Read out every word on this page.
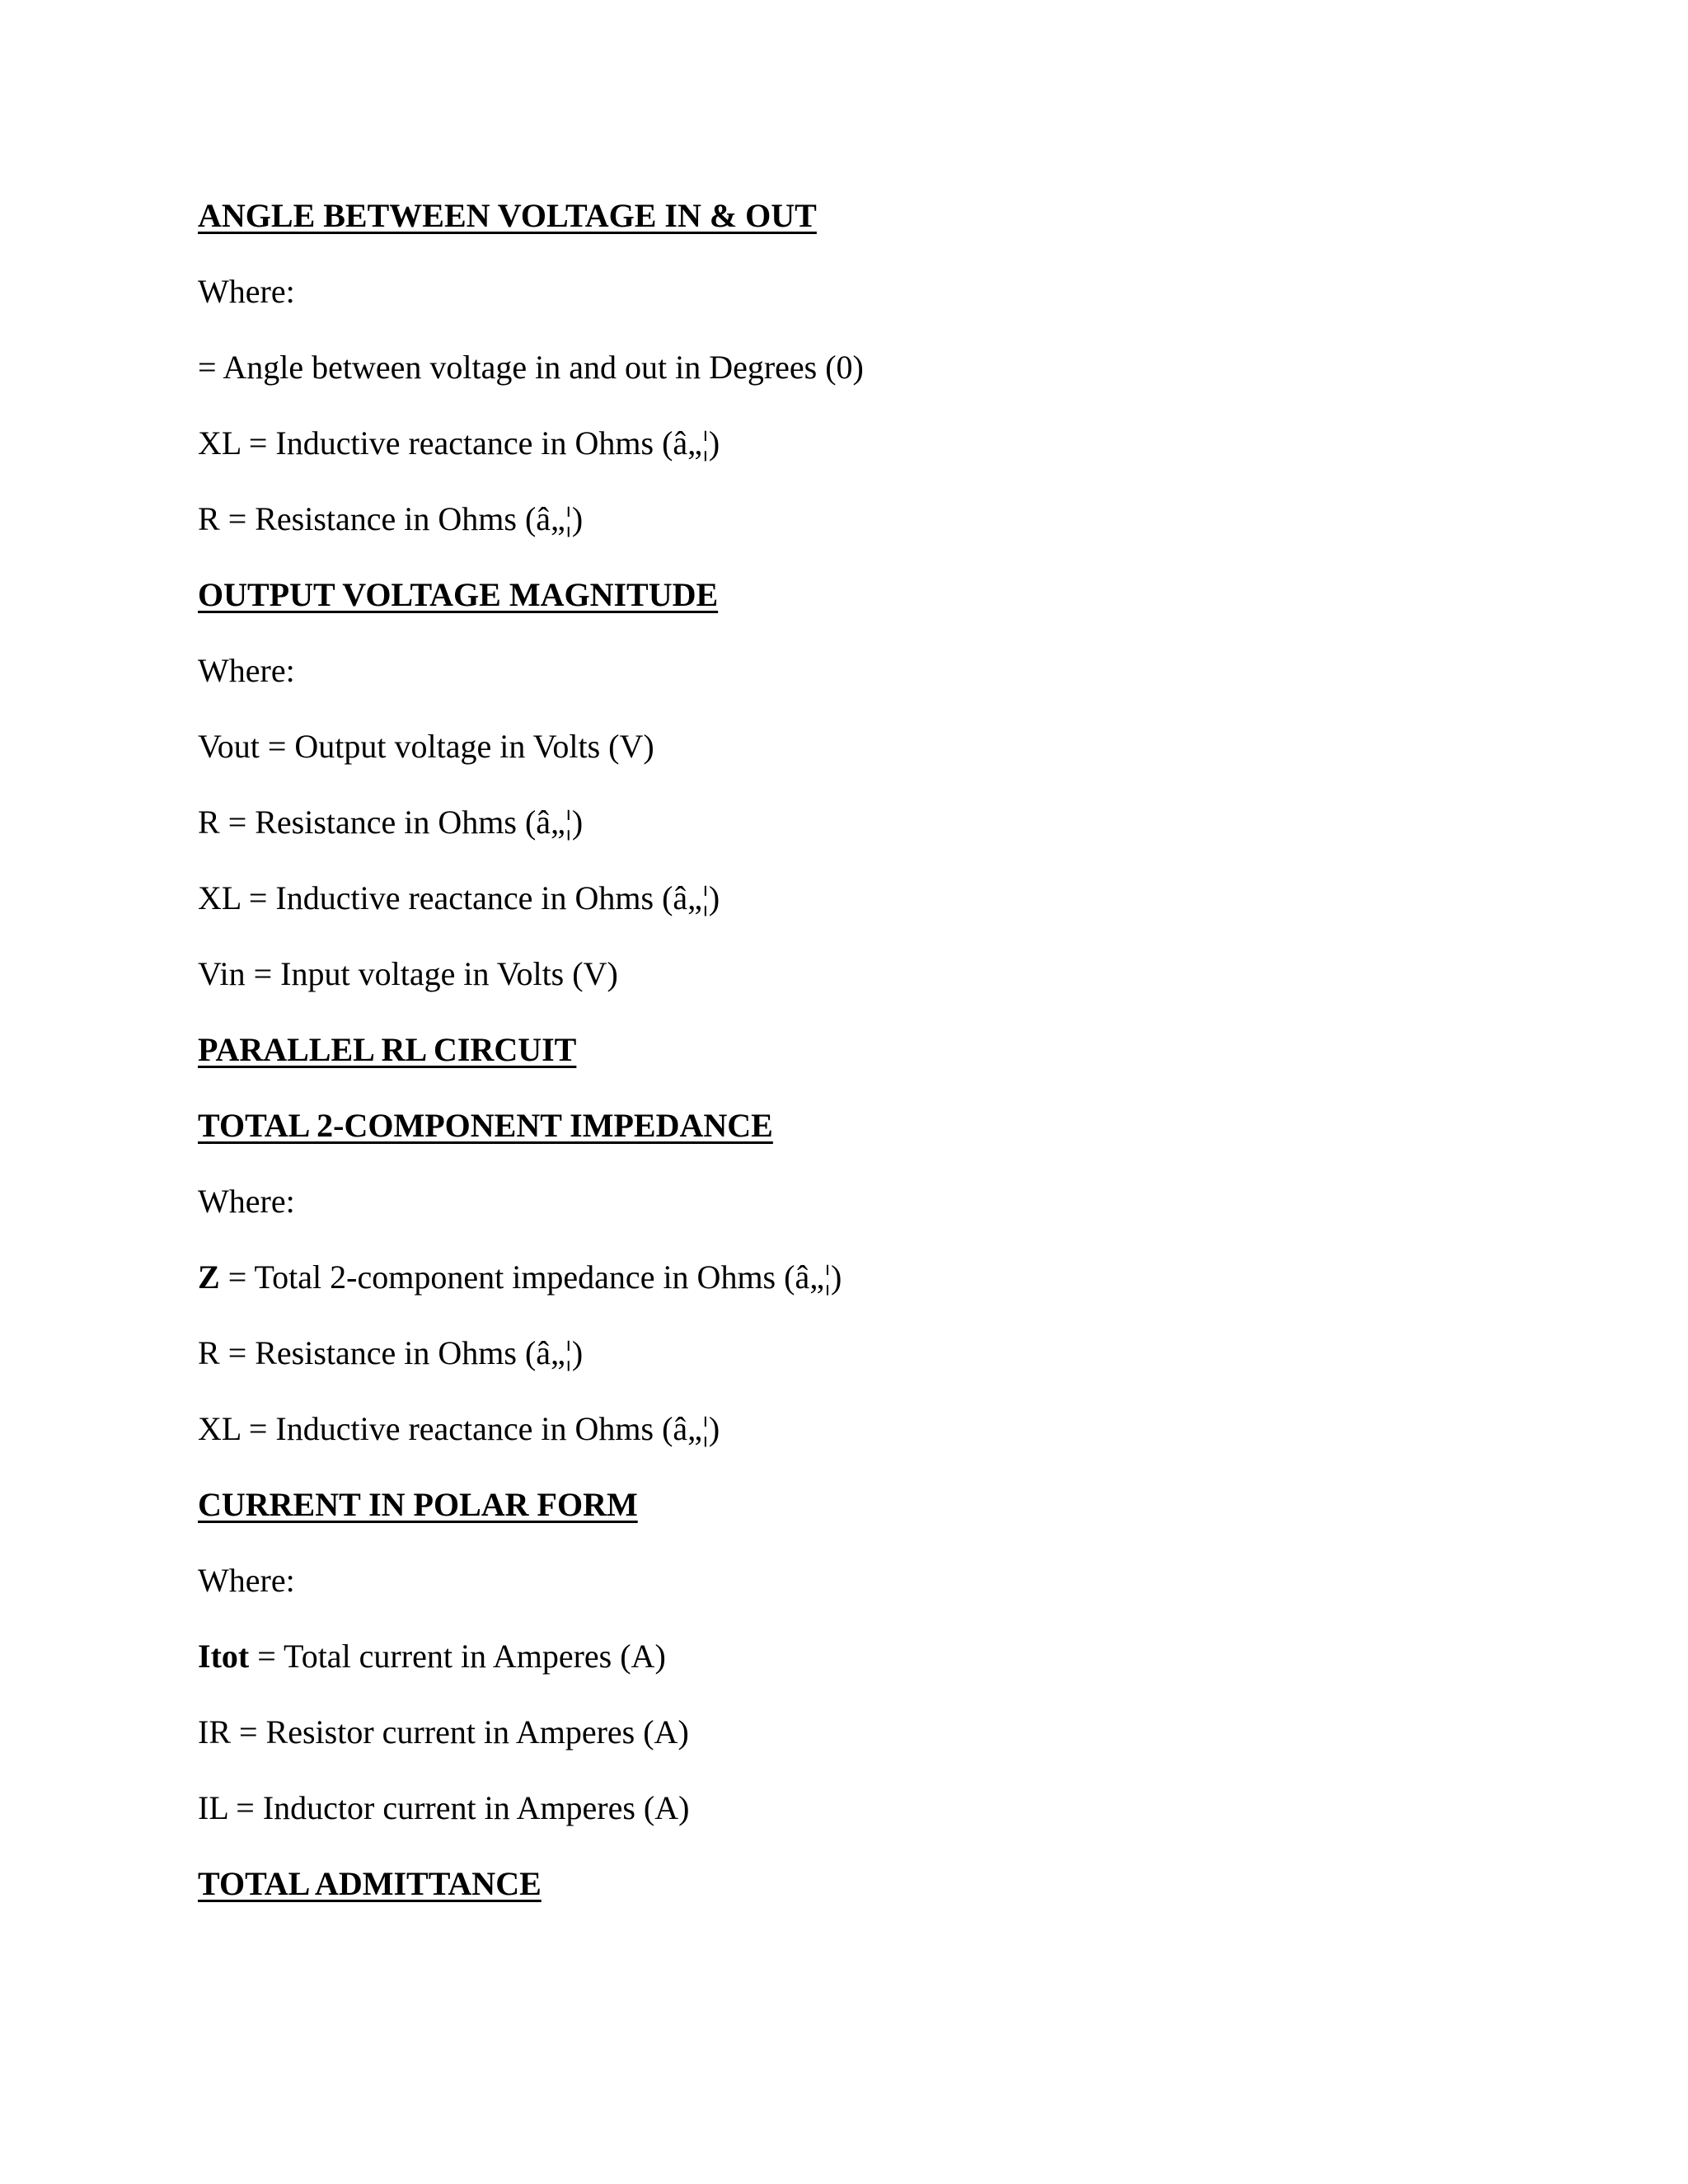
ANGLE BETWEEN VOLTAGE IN & OUT
Where:
= Angle between voltage in and out in Degrees (0)
XL = Inductive reactance in Ohms (â„¦)
R = Resistance in Ohms (â„¦)
OUTPUT VOLTAGE MAGNITUDE
Where:
Vout = Output voltage in Volts (V)
R = Resistance in Ohms (â„¦)
XL = Inductive reactance in Ohms (â„¦)
Vin = Input voltage in Volts (V)
PARALLEL RL CIRCUIT
TOTAL 2-COMPONENT IMPEDANCE
Where:
Z = Total 2-component impedance in Ohms (â„¦)
R = Resistance in Ohms (â„¦)
XL = Inductive reactance in Ohms (â„¦)
CURRENT IN POLAR FORM
Where:
Itot = Total current in Amperes (A)
IR = Resistor current in Amperes (A)
IL = Inductor current in Amperes (A)
TOTAL ADMITTANCE
